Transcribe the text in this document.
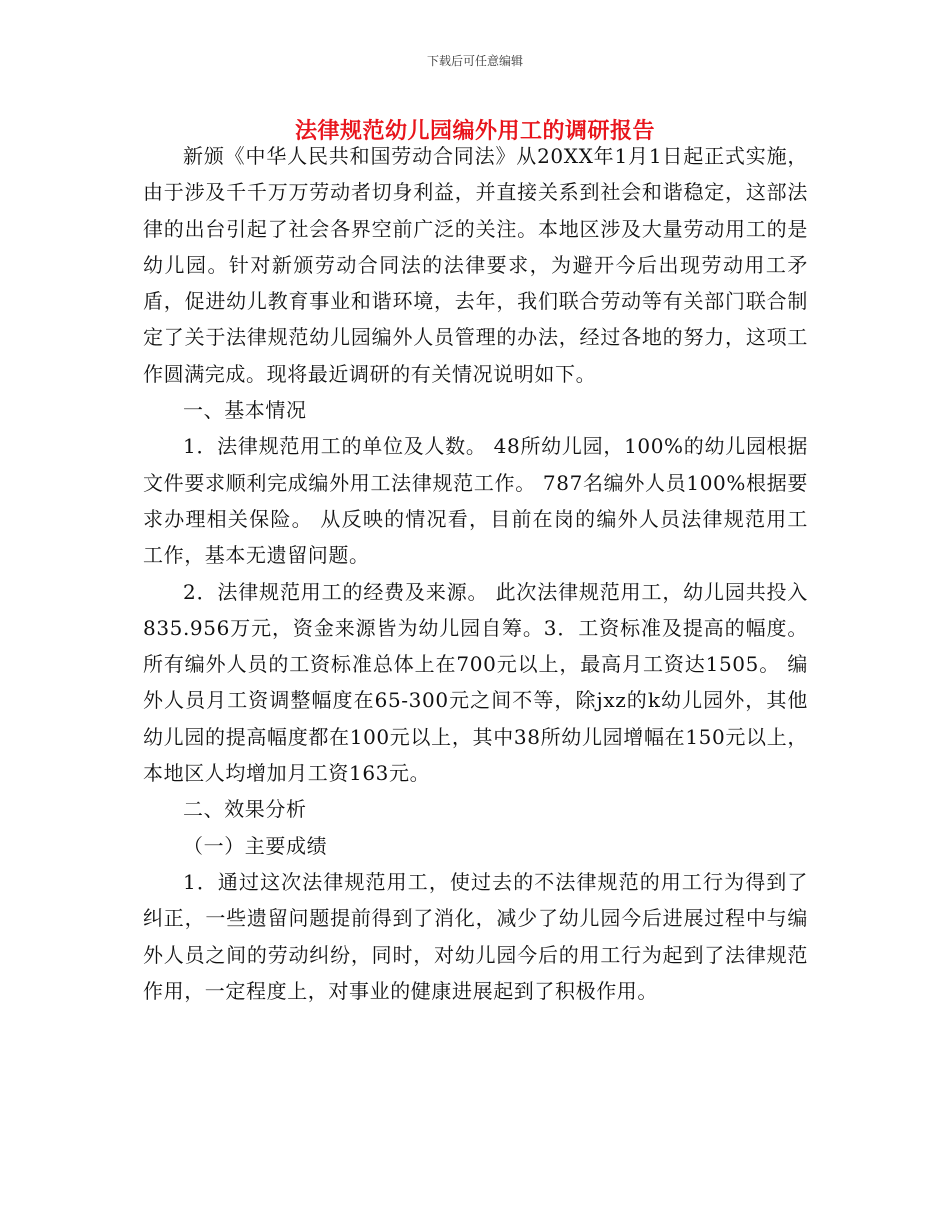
下载后可任意编辑
法律规范幼儿园编外用工的调研报告

新颁《中华人民共和国劳动合同法》从20XX年1月1日起正式实施，由于涉及千千万万劳动者切身利益，并直接关系到社会和谐稳定，这部法律的出台引起了社会各界空前广泛的关注。本地区涉及大量劳动用工的是幼儿园。针对新颁劳动合同法的法律要求，为避开今后出现劳动用工矛盾，促进幼儿教育事业和谐环境，去年，我们联合劳动等有关部门联合制定了关于法律规范幼儿园编外人员管理的办法，经过各地的努力，这项工作圆满完成。现将最近调研的有关情况说明如下。

一、基本情况

1．法律规范用工的单位及人数。 48所幼儿园，100%的幼儿园根据文件要求顺利完成编外用工法律规范工作。 787名编外人员100%根据要求办理相关保险。 从反映的情况看，目前在岗的编外人员法律规范用工工作，基本无遗留问题。

2．法律规范用工的经费及来源。 此次法律规范用工，幼儿园共投入835.956万元，资金来源皆为幼儿园自筹。3．工资标准及提高的幅度。 所有编外人员的工资标准总体上在700元以上，最高月工资达1505。 编外人员月工资调整幅度在65-300元之间不等，除jxz的k幼儿园外，其他幼儿园的提高幅度都在100元以上，其中38所幼儿园增幅在150元以上，本地区人均增加月工资163元。

二、效果分析

（一）主要成绩

1．通过这次法律规范用工，使过去的不法律规范的用工行为得到了纠正，一些遗留问题提前得到了消化，减少了幼儿园今后进展过程中与编外人员之间的劳动纠纷，同时，对幼儿园今后的用工行为起到了法律规范作用，一定程度上，对事业的健康进展起到了积极作用。
